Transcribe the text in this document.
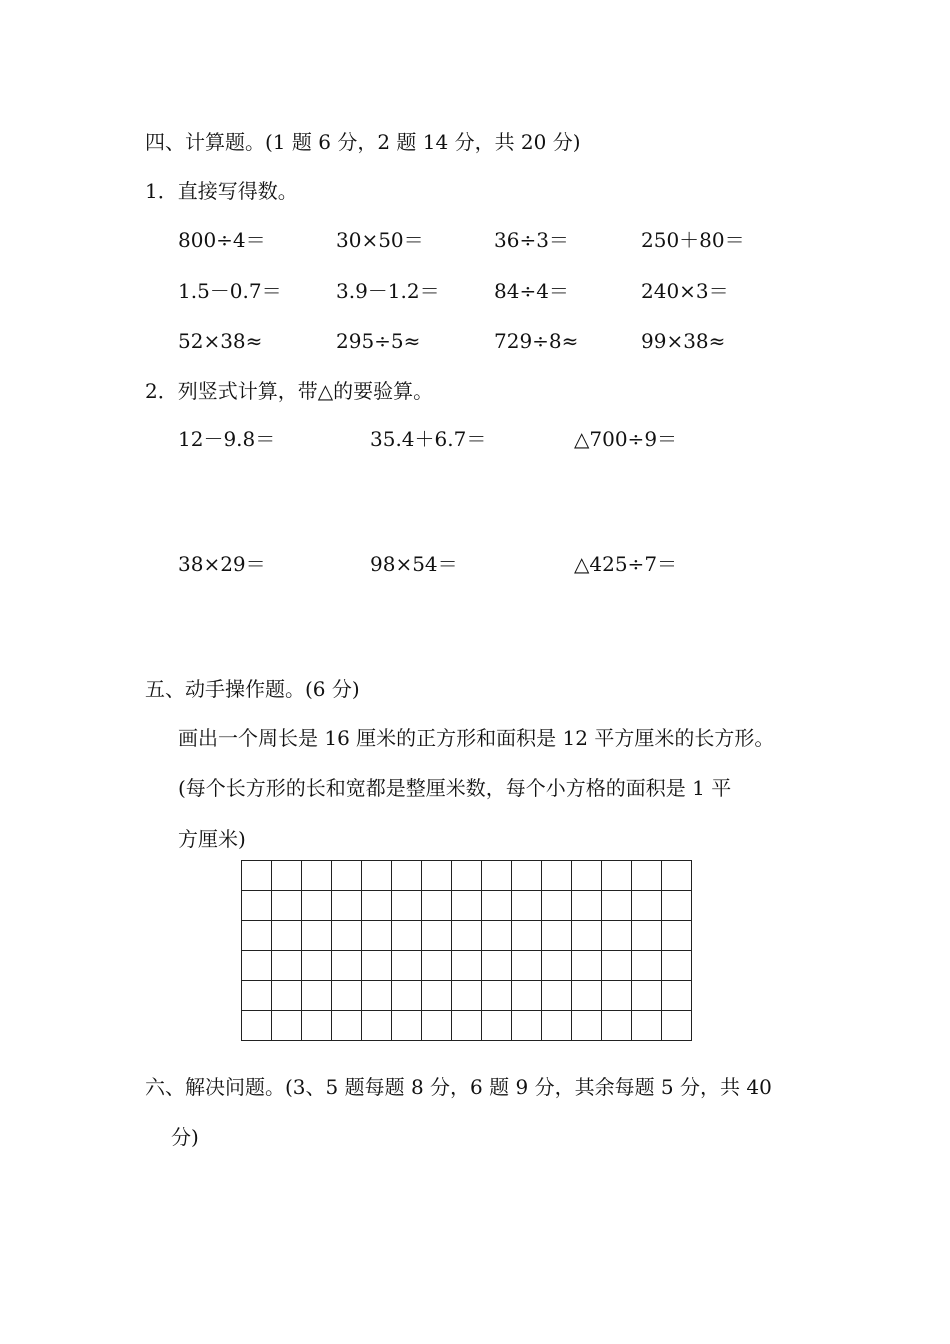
四、计算题。(1 题 6 分，2 题 14 分，共 20 分)
1．直接写得数。
800÷4＝	30×50＝	36÷3＝	250＋80＝
1.5－0.7＝	3.9－1.2＝	84÷4＝	240×3＝
52×38≈	295÷5≈	729÷8≈	99×38≈
2．列竖式计算，带△的要验算。
12－9.8＝	35.4＋6.7＝	△700÷9＝
38×29＝	98×54＝	△425÷7＝
五、动手操作题。(6 分)
画出一个周长是 16 厘米的正方形和面积是 12 平方厘米的长方形。
(每个长方形的长和宽都是整厘米数，每个小方格的面积是 1 平
方厘米)

六、解决问题。(3、5 题每题 8 分，6 题 9 分，其余每题 5 分，共 40
分)
